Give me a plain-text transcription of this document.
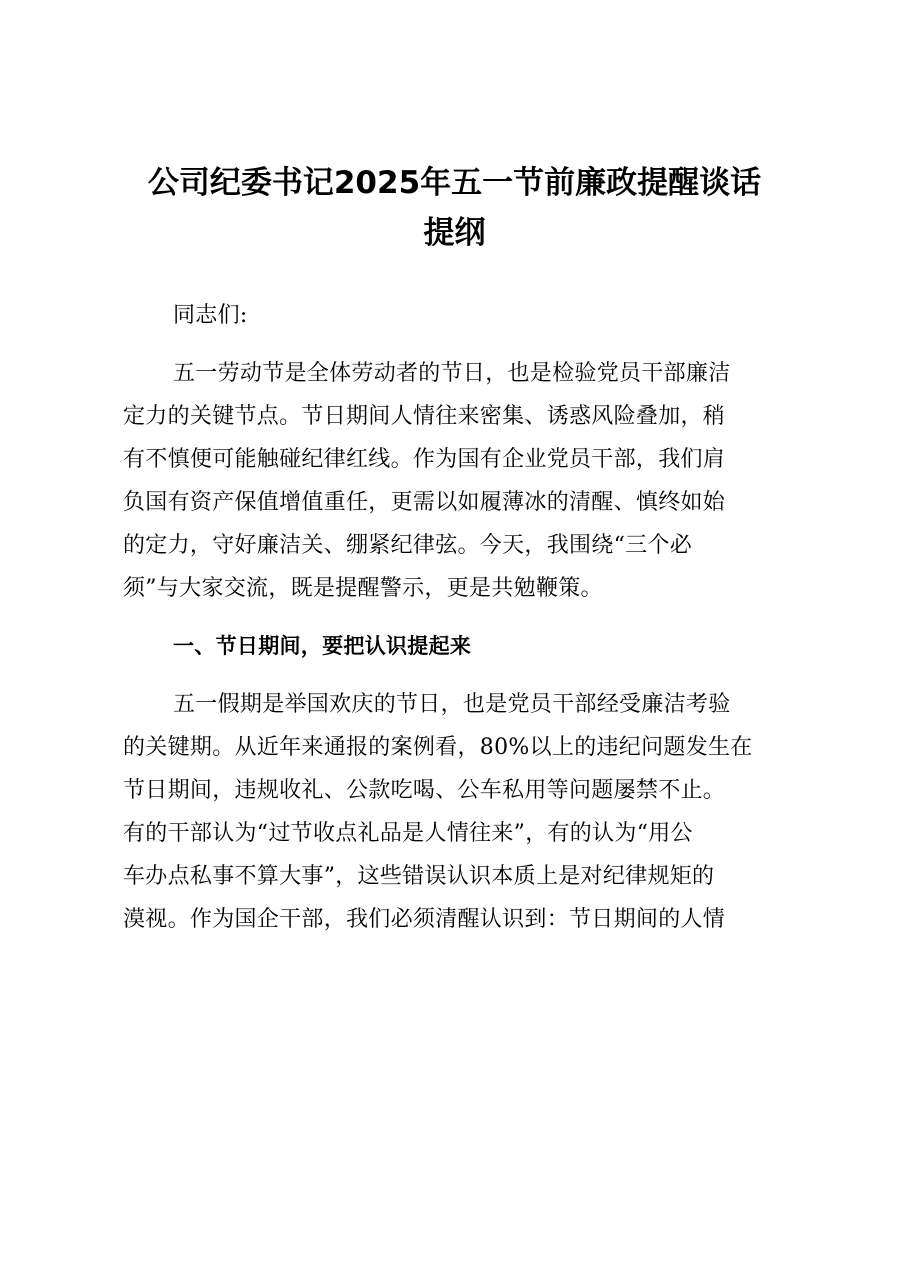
公司纪委书记2025年五一节前廉政提醒谈话
提纲
同志们:
五一劳动节是全体劳动者的节日，也是检验党员干部廉洁
定力的关键节点。节日期间人情往来密集、诱惑风险叠加，稍
有不慎便可能触碰纪律红线。作为国有企业党员干部，我们肩
负国有资产保值增值重任，更需以如履薄冰的清醒、慎终如始
的定力，守好廉洁关、绷紧纪律弦。今天，我围绕“三个必
须”与大家交流，既是提醒警示，更是共勉鞭策。
一、节日期间，要把认识提起来
五一假期是举国欢庆的节日，也是党员干部经受廉洁考验
的关键期。从近年来通报的案例看，80%以上的违纪问题发生在
节日期间，违规收礼、公款吃喝、公车私用等问题屡禁不止。
有的干部认为“过节收点礼品是人情往来”，有的认为“用公
车办点私事不算大事”，这些错误认识本质上是对纪律规矩的
漠视。作为国企干部，我们必须清醒认识到：节日期间的人情
